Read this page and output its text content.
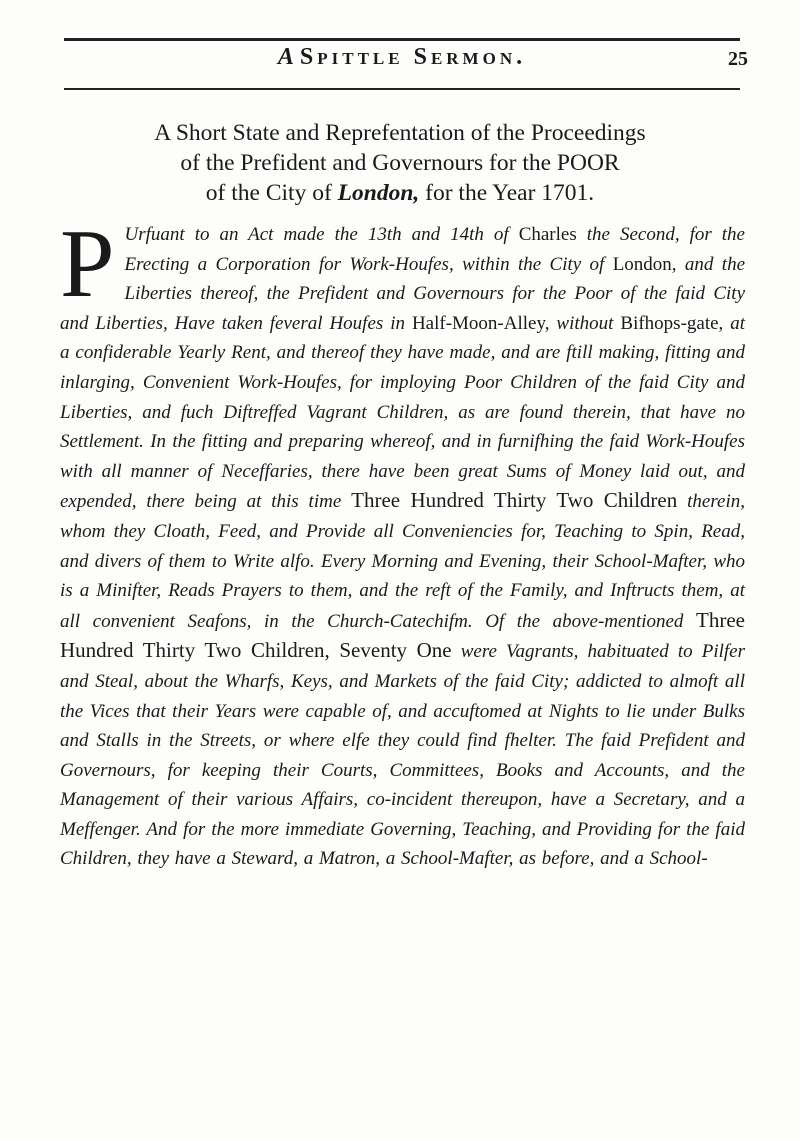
A Spittle Sermon.	25
A Short State and Reprefentation of the Proceedings
of the Prefident and Governours for the POOR
of the City of London, for the Year 1701.
P Urfuant to an Act made the 13th and 14th of Charles the Second, for the Erecting a Corporation for Work-Houfes, within the City of London, and the Liberties thereof, the Prefident and Governours for the Poor of the faid City and Liberties, Have taken feveral Houfes in Half-Moon-Alley, without Bifhops-gate, at a confiderable Yearly Rent, and thereof they have made, and are ftill making, fitting and inlarging, Convenient Work-Houfes, for imploying Poor Children of the faid City and Liberties, and fuch Diftreffed Vagrant Children, as are found therein, that have no Settlement. In the fitting and preparing whereof, and in furnifhing the faid Work-Houfes with all manner of Neceffaries, there have been great Sums of Money laid out, and expended, there being at this time Three Hundred Thirty Two Children therein, whom they Cloath, Feed, and Provide all Conveniencies for, Teaching to Spin, Read, and divers of them to Write alfo. Every Morning and Evening, their School-Mafter, who is a Minifter, Reads Prayers to them, and the reft of the Family, and Inftructs them, at all convenient Seafons, in the Church-Catechifm. Of the above-mentioned Three Hundred Thirty Two Children, Seventy One were Vagrants, habituated to Pilfer and Steal, about the Wharfs, Keys, and Markets of the faid City; addicted to almoft all the Vices that their Years were capable of, and accuftomed at Nights to lie under Bulks and Stalls in the Streets, or where elfe they could find fhelter. The faid Prefident and Governours, for keeping their Courts, Committees, Books and Accounts, and the Management of their various Affairs, co-incident thereupon, have a Secretary, and a Meffenger. And for the more immediate Governing, Teaching, and Providing for the faid Children, they have a Steward, a Matron, a School-Mafter, as before, and a School-
